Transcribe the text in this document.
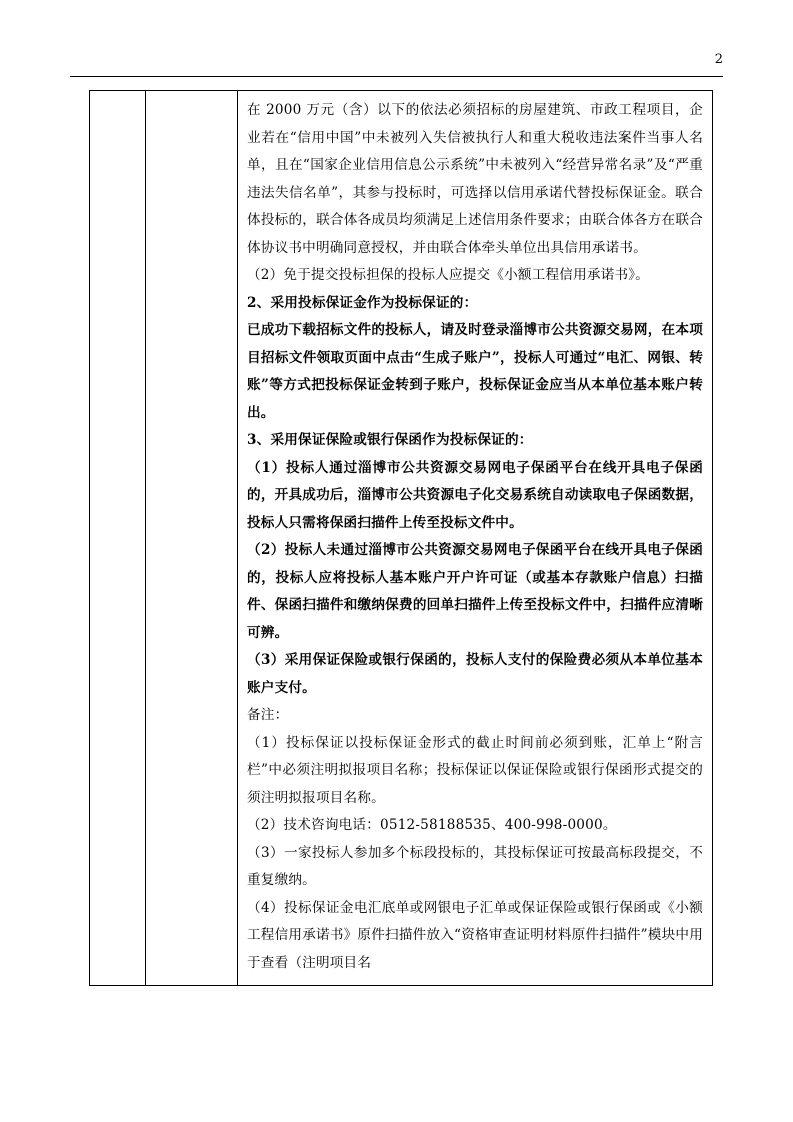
2

在 2000 万元（含）以下的依法必须招标的房屋建筑、市政工程项目，企业若在“信用中国”中未被列入失信被执行人和重大税收违法案件当事人名单，且在“国家企业信用信息公示系统”中未被列入“经营异常名录”及“严重违法失信名单”，其参与投标时，可选择以信用承诺代替投标保证金。联合体投标的，联合体各成员均须满足上述信用条件要求；由联合体各方在联合体协议书中明确同意授权，并由联合体牵头单位出具信用承诺书。

（2）免于提交投标担保的投标人应提交《小额工程信用承诺书》。

2、采用投标保证金作为投标保证的：

已成功下载招标文件的投标人，请及时登录淄博市公共资源交易网，在本项目招标文件领取页面中点击“生成子账户”，投标人可通过“电汇、网银、转账”等方式把投标保证金转到子账户，投标保证金应当从本单位基本账户转出。

3、采用保证保险或银行保函作为投标保证的：

（1）投标人通过淄博市公共资源交易网电子保函平台在线开具电子保函的，开具成功后，淄博市公共资源电子化交易系统自动读取电子保函数据，投标人只需将保函扫描件上传至投标文件中。

（2）投标人未通过淄博市公共资源交易网电子保函平台在线开具电子保函的，投标人应将投标人基本账户开户许可证（或基本存款账户信息）扫描件、保函扫描件和缴纳保费的回单扫描件上传至投标文件中，扫描件应清晰可辨。

（3）采用保证保险或银行保函的，投标人支付的保险费必须从本单位基本账户支付。

备注：

（1）投标保证以投标保证金形式的截止时间前必须到账，汇单上“附言栏”中必须注明拟报项目名称；投标保证以保证保险或银行保函形式提交的须注明拟报项目名称。

（2）技术咨询电话：0512-58188535、400-998-0000。

（3）一家投标人参加多个标段投标的，其投标保证可按最高标段提交，不重复缴纳。

（4）投标保证金电汇底单或网银电子汇单或保证保险或银行保函或《小额工程信用承诺书》原件扫描件放入“资格审查证明材料原件扫描件”模块中用于查看（注明项目名
